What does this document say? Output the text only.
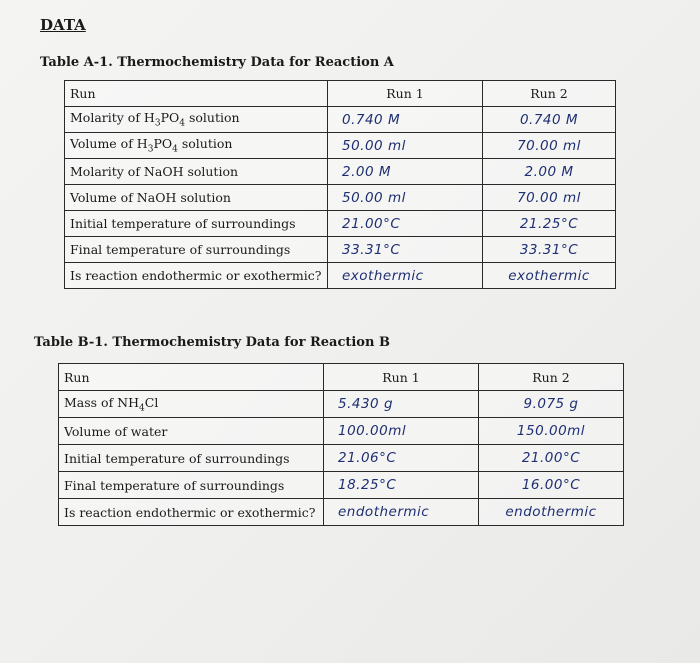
DATA

Table A-1. Thermochemistry Data for Reaction A

Run	Run 1	Run 2
Molarity of $H_3PO_4$ solution	0.740 M	0.740 M
Volume of $H_3PO_4$ solution	50.00 ml	70.00 ml
Molarity of NaOH solution	2.00 M	2.00 M
Volume of NaOH solution	50.00 ml	70.00 ml
Initial temperature of surroundings	21.00°C	21.25°C
Final temperature of surroundings	33.31°C	33.31°C
Is reaction endothermic or exothermic?	exothermic	exothermic

Table B-1. Thermochemistry Data for Reaction B

Run	Run 1	Run 2
Mass of $NH_4Cl$	5.430 g	9.075 g
Volume of water	100.00ml	150.00ml
Initial temperature of surroundings	21.06°C	21.00°C
Final temperature of surroundings	18.25°C	16.00°C
Is reaction endothermic or exothermic?	endothermic	endothermic
